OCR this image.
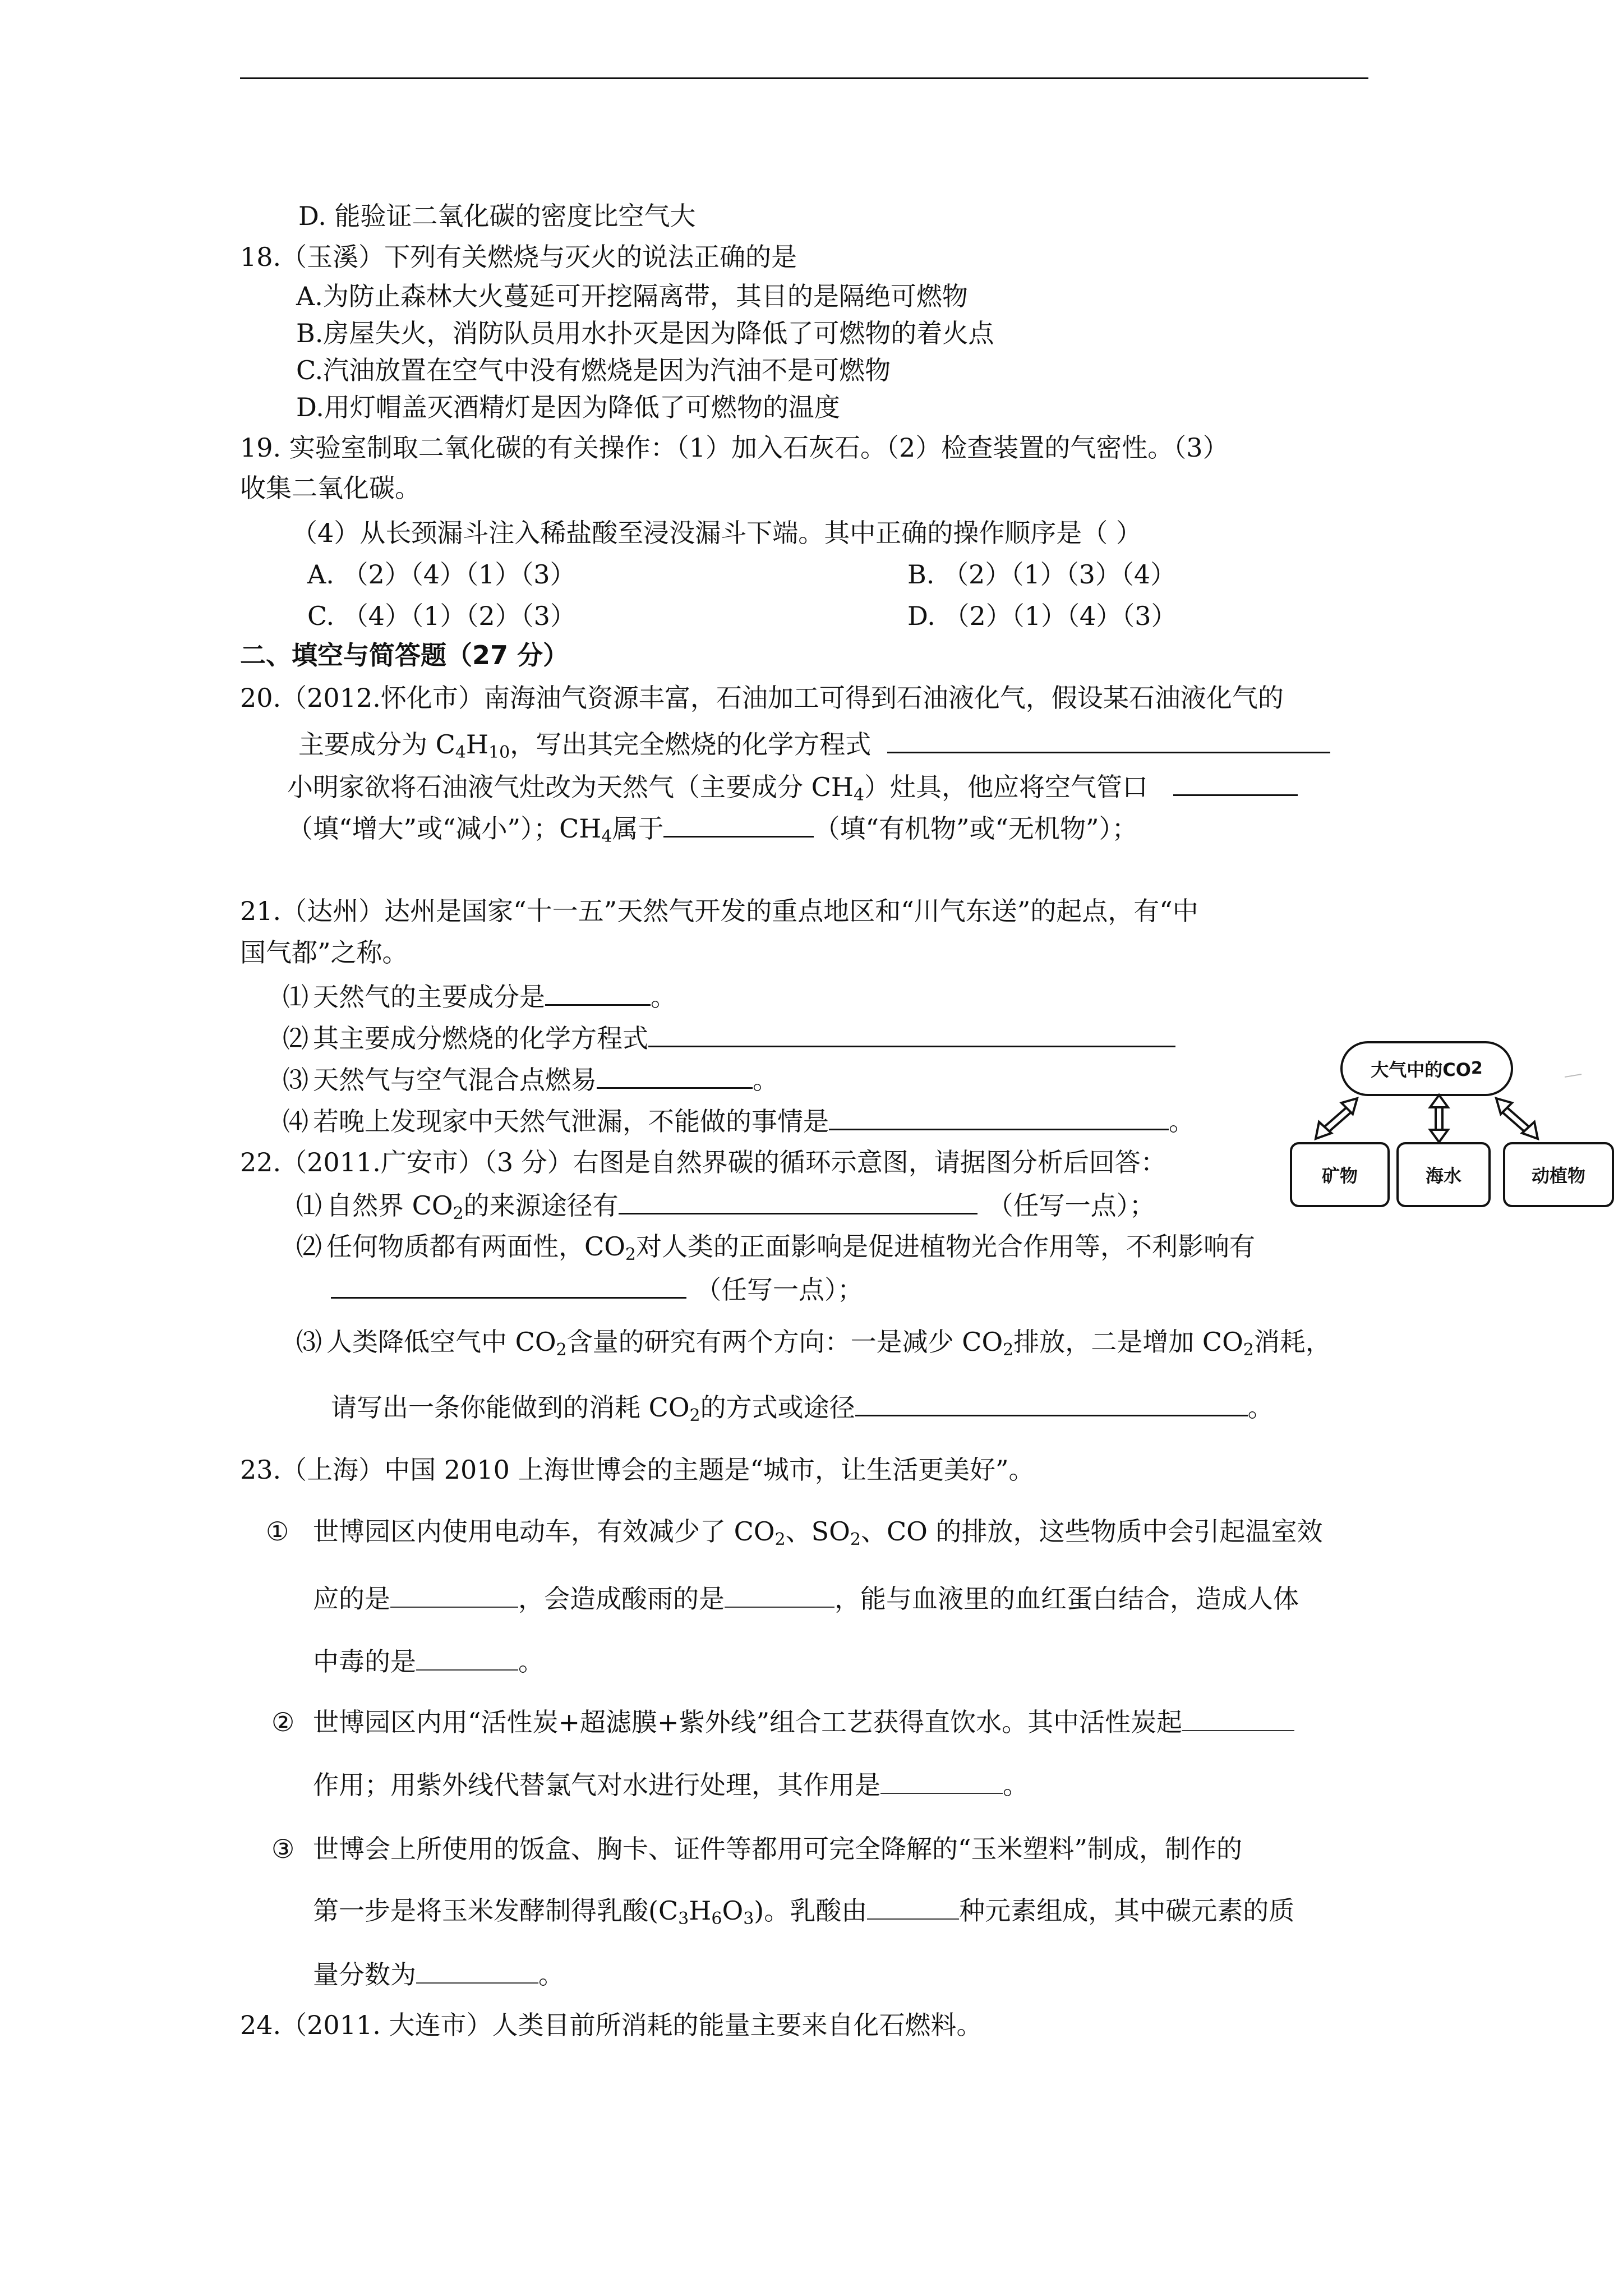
D. 能验证二氧化碳的密度比空气大
18.（玉溪）下列有关燃烧与灭火的说法正确的是
A.为防止森林大火蔓延可开挖隔离带，其目的是隔绝可燃物
B.房屋失火，消防队员用水扑灭是因为降低了可燃物的着火点
C.汽油放置在空气中没有燃烧是因为汽油不是可燃物
D.用灯帽盖灭酒精灯是因为降低了可燃物的温度
19. 实验室制取二氧化碳的有关操作：（1）加入石灰石。（2）检查装置的气密性。（3）
收集二氧化碳。
（4）从长颈漏斗注入稀盐酸至浸没漏斗下端。其中正确的操作顺序是（ ）
A. （2）（4）（1）（3）	B. （2）（1）（3）（4）
C. （4）（1）（2）（3）	D. （2）（1）（4）（3）
二、填空与简答题（27 分）
20.（2012.怀化市）南海油气资源丰富，石油加工可得到石油液化气，假设某石油液化气的
主要成分为 $C_4H_{10}$，写出其完全燃烧的化学方程式
小明家欲将石油液气灶改为天然气（主要成分 $CH_4$）灶具，他应将空气管口
（填“增大”或“减小”）；$CH_4$属于	（填“有机物”或“无机物”）；
21.（达州）达州是国家“十一五”天然气开发的重点地区和“川气东送”的起点，有“中
国气都”之称。
⑴ 天然气的主要成分是	。
⑵ 其主要成分燃烧的化学方程式
⑶ 天然气与空气混合点燃易	。
⑷ 若晚上发现家中天然气泄漏，不能做的事情是	。
22.（2011.广安市）（3 分）右图是自然界碳的循环示意图，请据图分析后回答：
⑴ 自然界 $CO_2$的来源途径有	（任写一点）；
⑵ 任何物质都有两面性，$CO_2$对人类的正面影响是促进植物光合作用等，不利影响有
（任写一点）；
⑶ 人类降低空气中 $CO_2$含量的研究有两个方向：一是减少 $CO_2$排放，二是增加 $CO_2$消耗，
请写出一条你能做到的消耗 $CO_2$的方式或途径	。
大气中的CO 2
矿物	海水	动植物
23.（上海）中国 2010 上海世博会的主题是“城市，让生活更美好”。
① 世博园区内使用电动车，有效减少了 $CO_2$、$SO_2$、CO 的排放，这些物质中会引起温室效
应的是	，会造成酸雨的是	，能与血液里的血红蛋白结合，造成人体
中毒的是	。
② 世博园区内用“活性炭+超滤膜+紫外线”组合工艺获得直饮水。其中活性炭起
作用；用紫外线代替氯气对水进行处理，其作用是	。
③ 世博会上所使用的饭盒、胸卡、证件等都用可完全降解的“玉米塑料”制成，制作的
第一步是将玉米发酵制得乳酸$(C_3H_6O_3)$。乳酸由	种元素组成，其中碳元素的质
量分数为	。
24.（2011. 大连市）人类目前所消耗的能量主要来自化石燃料。
